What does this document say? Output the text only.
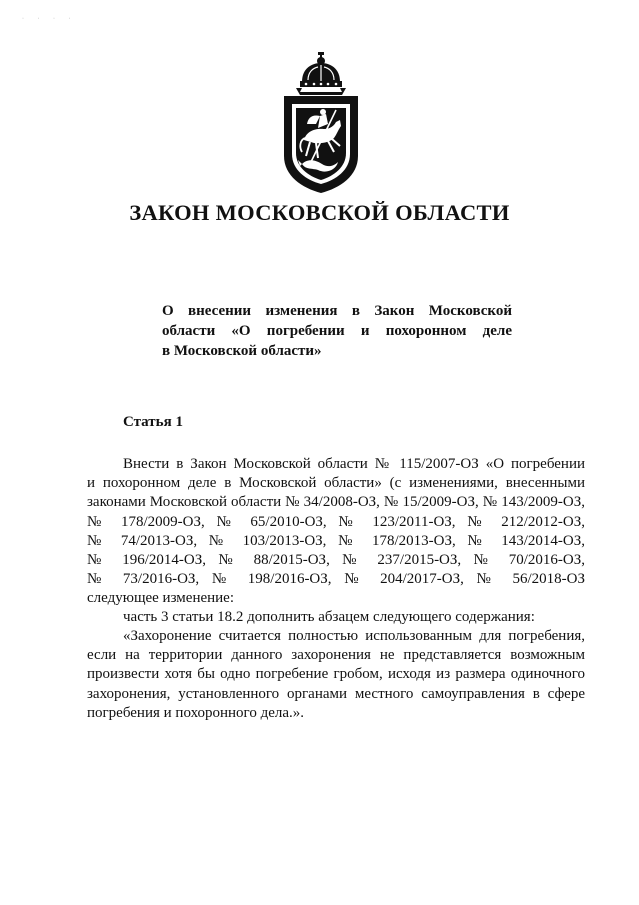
· · · ·
ЗАКОН МОСКОВСКОЙ ОБЛАСТИ
О внесении изменения в Закон Московской
области «О погребении и похоронном деле
в Московской области»
Статья 1
Внести в Закон Московской области № 115/2007-ОЗ «О погребении
и похоронном деле в Московской области» (с изменениями, внесенными
законами Московской области № 34/2008-ОЗ, № 15/2009-ОЗ, № 143/2009-ОЗ,
№ 178/2009-ОЗ, № 65/2010-ОЗ, № 123/2011-ОЗ, № 212/2012-ОЗ,
№ 74/2013-ОЗ, № 103/2013-ОЗ, № 178/2013-ОЗ, № 143/2014-ОЗ,
№ 196/2014-ОЗ, № 88/2015-ОЗ, № 237/2015-ОЗ, № 70/2016-ОЗ,
№ 73/2016-ОЗ, № 198/2016-ОЗ, № 204/2017-ОЗ, № 56/2018-ОЗ
следующее изменение:
часть 3 статьи 18.2 дополнить абзацем следующего содержания:
«Захоронение считается полностью использованным для погребения,
если на территории данного захоронения не представляется возможным
произвести хотя бы одно погребение гробом, исходя из размера одиночного
захоронения, установленного органами местного самоуправления в сфере
погребения и похоронного дела.».
